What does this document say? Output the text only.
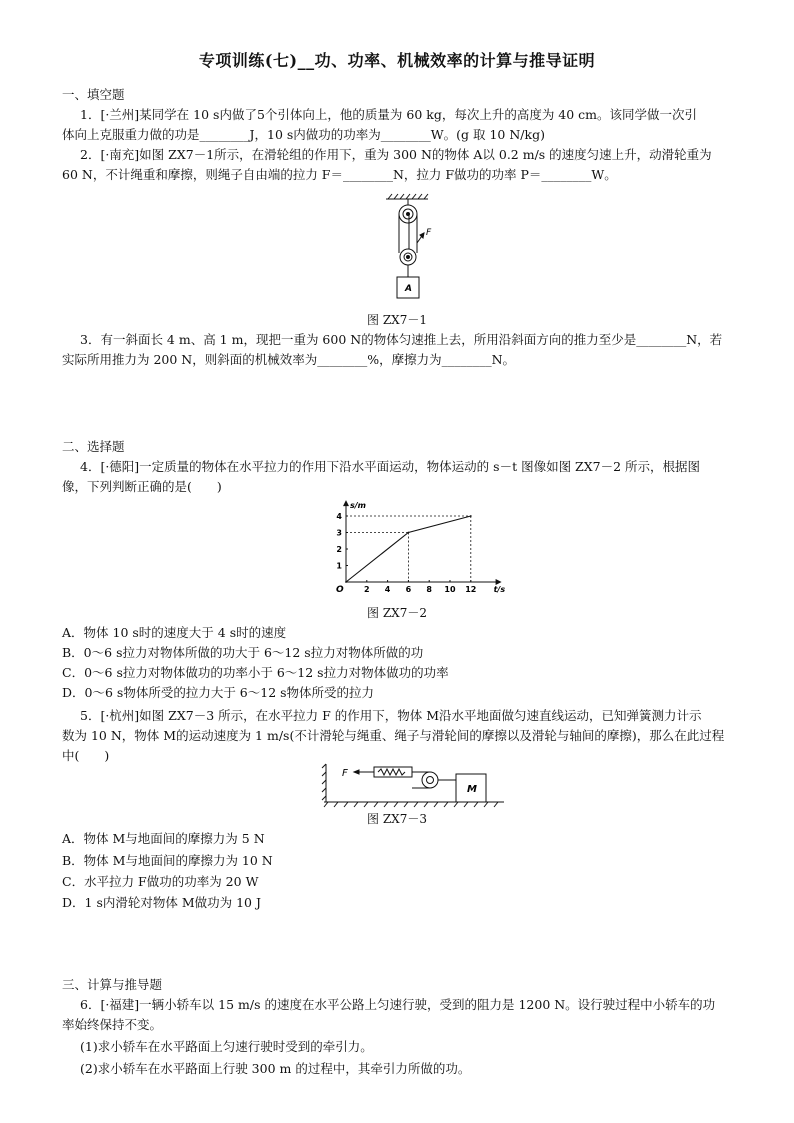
专项训练(七)__功、功率、机械效率的计算与推导证明
一、填空题
1．[·兰州]某同学在 10 s内做了5个引体向上，他的质量为 60 kg，每次上升的高度为 40 cm。该同学做一次引
体向上克服重力做的功是________J，10 s内做功的功率为________W。(g 取 10 N/kg)
2．[·南充]如图 ZX7－1所示，在滑轮组的作用下，重为 300 N的物体 A以 0.2 m/s 的速度匀速上升，动滑轮重为
60 N，不计绳重和摩擦，则绳子自由端的拉力 F＝________N，拉力 F做功的功率 P＝________W。
F
A
图 ZX7－1
3．有一斜面长 4 m、高 1 m，现把一重为 600 N的物体匀速推上去，所用沿斜面方向的推力至少是________N，若
实际所用推力为 200 N，则斜面的机械效率为________%，摩擦力为________N。
二、选择题
4．[·德阳]一定质量的物体在水平拉力的作用下沿水平面运动，物体运动的 s－t 图像如图 ZX7－2 所示，根据图
像，下列判断正确的是(　　)
t/s
s/m
O	2 4 6 8 10 12
1
2
3
4
图 ZX7－2
A．物体 10 s时的速度大于 4 s时的速度
B．0～6 s拉力对物体所做的功大于 6～12 s拉力对物体所做的功
C．0～6 s拉力对物体做功的功率小于 6～12 s拉力对物体做功的功率
D．0～6 s物体所受的拉力大于 6～12 s物体所受的拉力
5．[·杭州]如图 ZX7－3 所示，在水平拉力 F 的作用下，物体 M沿水平地面做匀速直线运动，已知弹簧测力计示
数为 10 N，物体 M的运动速度为 1 m/s(不计滑轮与绳重、绳子与滑轮间的摩擦以及滑轮与轴间的摩擦)，那么在此过程
中(　　)
F
M
图 ZX7－3
A．物体 M与地面间的摩擦力为 5 N
B．物体 M与地面间的摩擦力为 10 N
C．水平拉力 F做功的功率为 20 W
D．1 s内滑轮对物体 M做功为 10 J
三、计算与推导题
6．[·福建]一辆小轿车以 15 m/s 的速度在水平公路上匀速行驶，受到的阻力是 1200 N。设行驶过程中小轿车的功
率始终保持不变。
(1)求小轿车在水平路面上匀速行驶时受到的牵引力。
(2)求小轿车在水平路面上行驶 300 m 的过程中，其牵引力所做的功。
